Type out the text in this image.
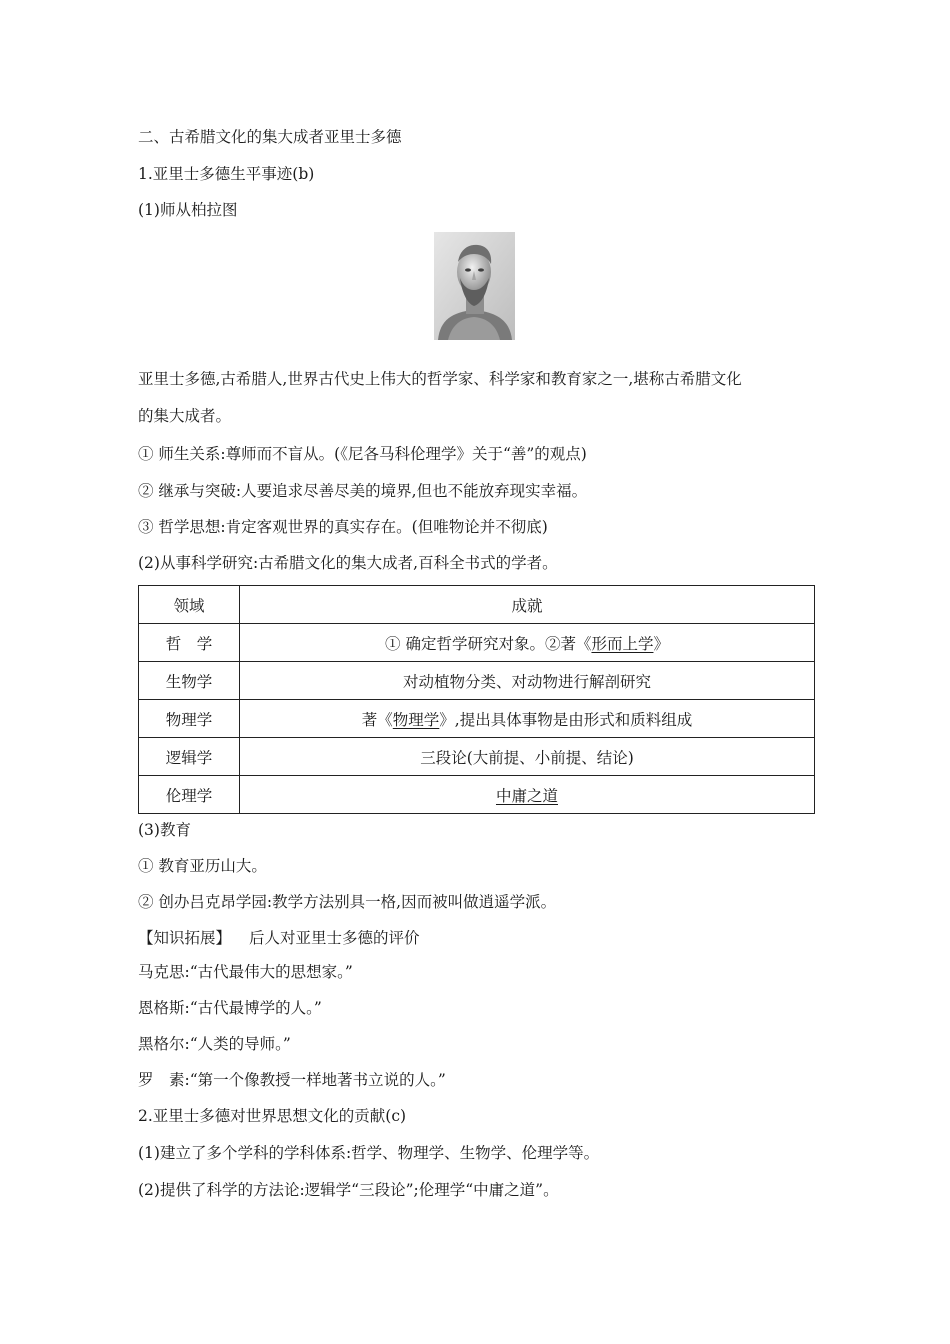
二、古希腊文化的集大成者亚里士多德
1.亚里士多德生平事迹(b)
(1)师从柏拉图
亚里士多德,古希腊人,世界古代史上伟大的哲学家、科学家和教育家之一,堪称古希腊文化
的集大成者。
① 师生关系:尊师而不盲从。(《尼各马科伦理学》关于“善”的观点)
② 继承与突破:人要追求尽善尽美的境界,但也不能放弃现实幸福。
③ 哲学思想:肯定客观世界的真实存在。(但唯物论并不彻底)
(2)从事科学研究:古希腊文化的集大成者,百科全书式的学者。
领域	成就
哲　学	① 确定哲学研究对象。②著《形而上学》
生物学	对动植物分类、对动物进行解剖研究
物理学	著《物理学》,提出具体事物是由形式和质料组成
逻辑学	三段论(大前提、小前提、结论)
伦理学	中庸之道
(3)教育
① 教育亚历山大。
② 创办吕克昂学园:教学方法别具一格,因而被叫做逍遥学派。
【知识拓展】 后人对亚里士多德的评价
马克思:“古代最伟大的思想家。”
恩格斯:“古代最博学的人。”
黑格尔:“人类的导师。”
罗　素:“第一个像教授一样地著书立说的人。”
2.亚里士多德对世界思想文化的贡献(c)
(1)建立了多个学科的学科体系:哲学、物理学、生物学、伦理学等。
(2)提供了科学的方法论:逻辑学“三段论”;伦理学“中庸之道”。
